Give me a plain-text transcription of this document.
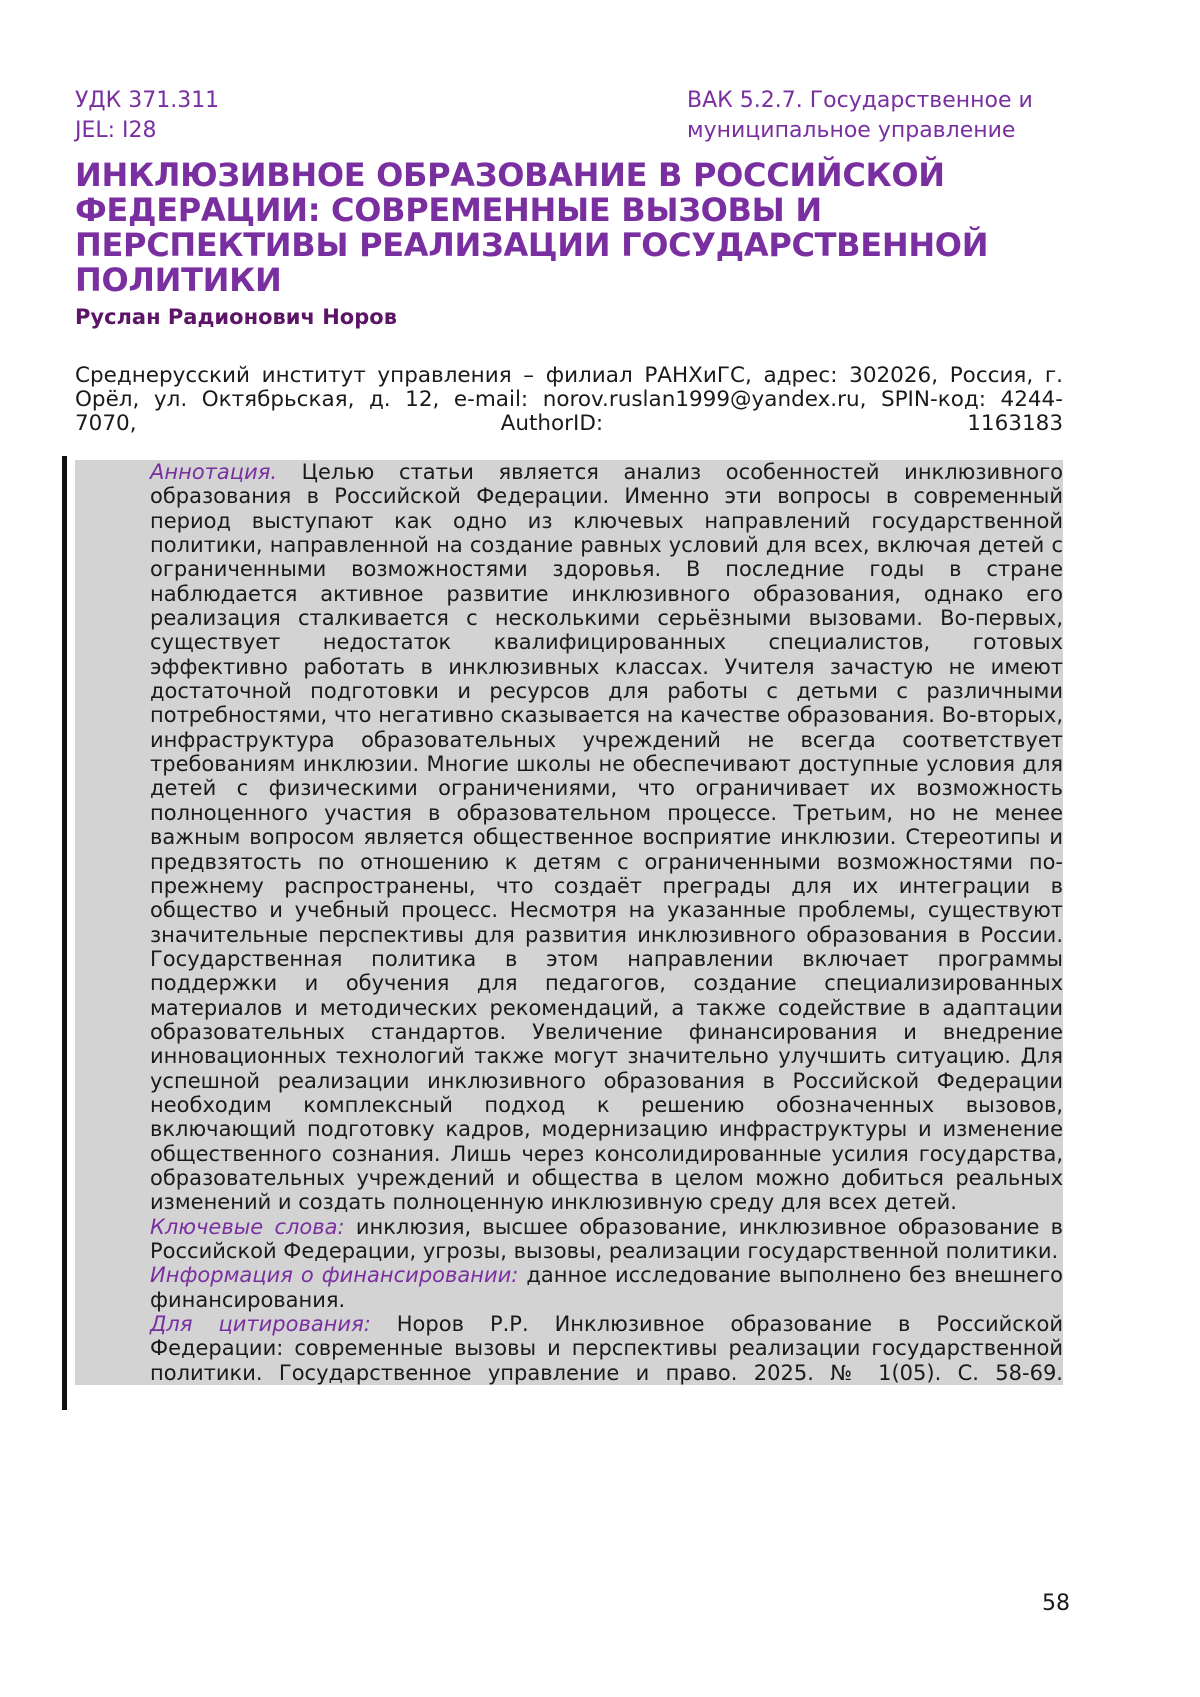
УДК 371.311
JEL: I28
ВАК 5.2.7. Государственное и
муниципальное управление
ИНКЛЮЗИВНОЕ ОБРАЗОВАНИЕ В РОССИЙСКОЙ ФЕДЕРАЦИИ: СОВРЕМЕННЫЕ ВЫЗОВЫ И ПЕРСПЕКТИВЫ РЕАЛИЗАЦИИ ГОСУДАРСТВЕННОЙ ПОЛИТИКИ
Руслан Радионович Норов

Среднерусский институт управления – филиал РАНХиГС, адрес: 302026, Россия, г. Орёл, ул. Октябрьская, д. 12, e-mail: norov.ruslan1999@yandex.ru, SPIN-код: 4244-7070, AuthorID: 1163183

Аннотация. Целью статьи является анализ особенностей инклюзивного образования в Российской Федерации. Именно эти вопросы в современный период выступают как одно из ключевых направлений государственной политики, направленной на создание равных условий для всех, включая детей с ограниченными возможностями здоровья. В последние годы в стране наблюдается активное развитие инклюзивного образования, однако его реализация сталкивается с несколькими серьёзными вызовами. Во-первых, существует недостаток квалифицированных специалистов, готовых эффективно работать в инклюзивных классах. Учителя зачастую не имеют достаточной подготовки и ресурсов для работы с детьми с различными потребностями, что негативно сказывается на качестве образования. Во-вторых, инфраструктура образовательных учреждений не всегда соответствует требованиям инклюзии. Многие школы не обеспечивают доступные условия для детей с физическими ограничениями, что ограничивает их возможность полноценного участия в образовательном процессе. Третьим, но не менее важным вопросом является общественное восприятие инклюзии. Стереотипы и предвзятость по отношению к детям с ограниченными возможностями по-прежнему распространены, что создаёт преграды для их интеграции в общество и учебный процесс. Несмотря на указанные проблемы, существуют значительные перспективы для развития инклюзивного образования в России. Государственная политика в этом направлении включает программы поддержки и обучения для педагогов, создание специализированных материалов и методических рекомендаций, а также содействие в адаптации образовательных стандартов. Увеличение финансирования и внедрение инновационных технологий также могут значительно улучшить ситуацию. Для успешной реализации инклюзивного образования в Российской Федерации необходим комплексный подход к решению обозначенных вызовов, включающий подготовку кадров, модернизацию инфраструктуры и изменение общественного сознания. Лишь через консолидированные усилия государства, образовательных учреждений и общества в целом можно добиться реальных изменений и создать полноценную инклюзивную среду для всех детей.

Ключевые слова: инклюзия, высшее образование, инклюзивное образование в Российской Федерации, угрозы, вызовы, реализации государственной политики.

Информация о финансировании: данное исследование выполнено без внешнего финансирования.

Для цитирования: Норов Р.Р. Инклюзивное образование в Российской Федерации: современные вызовы и перспективы реализации государственной политики. Государственное управление и право. 2025. № 1(05). С. 58-69.

58
